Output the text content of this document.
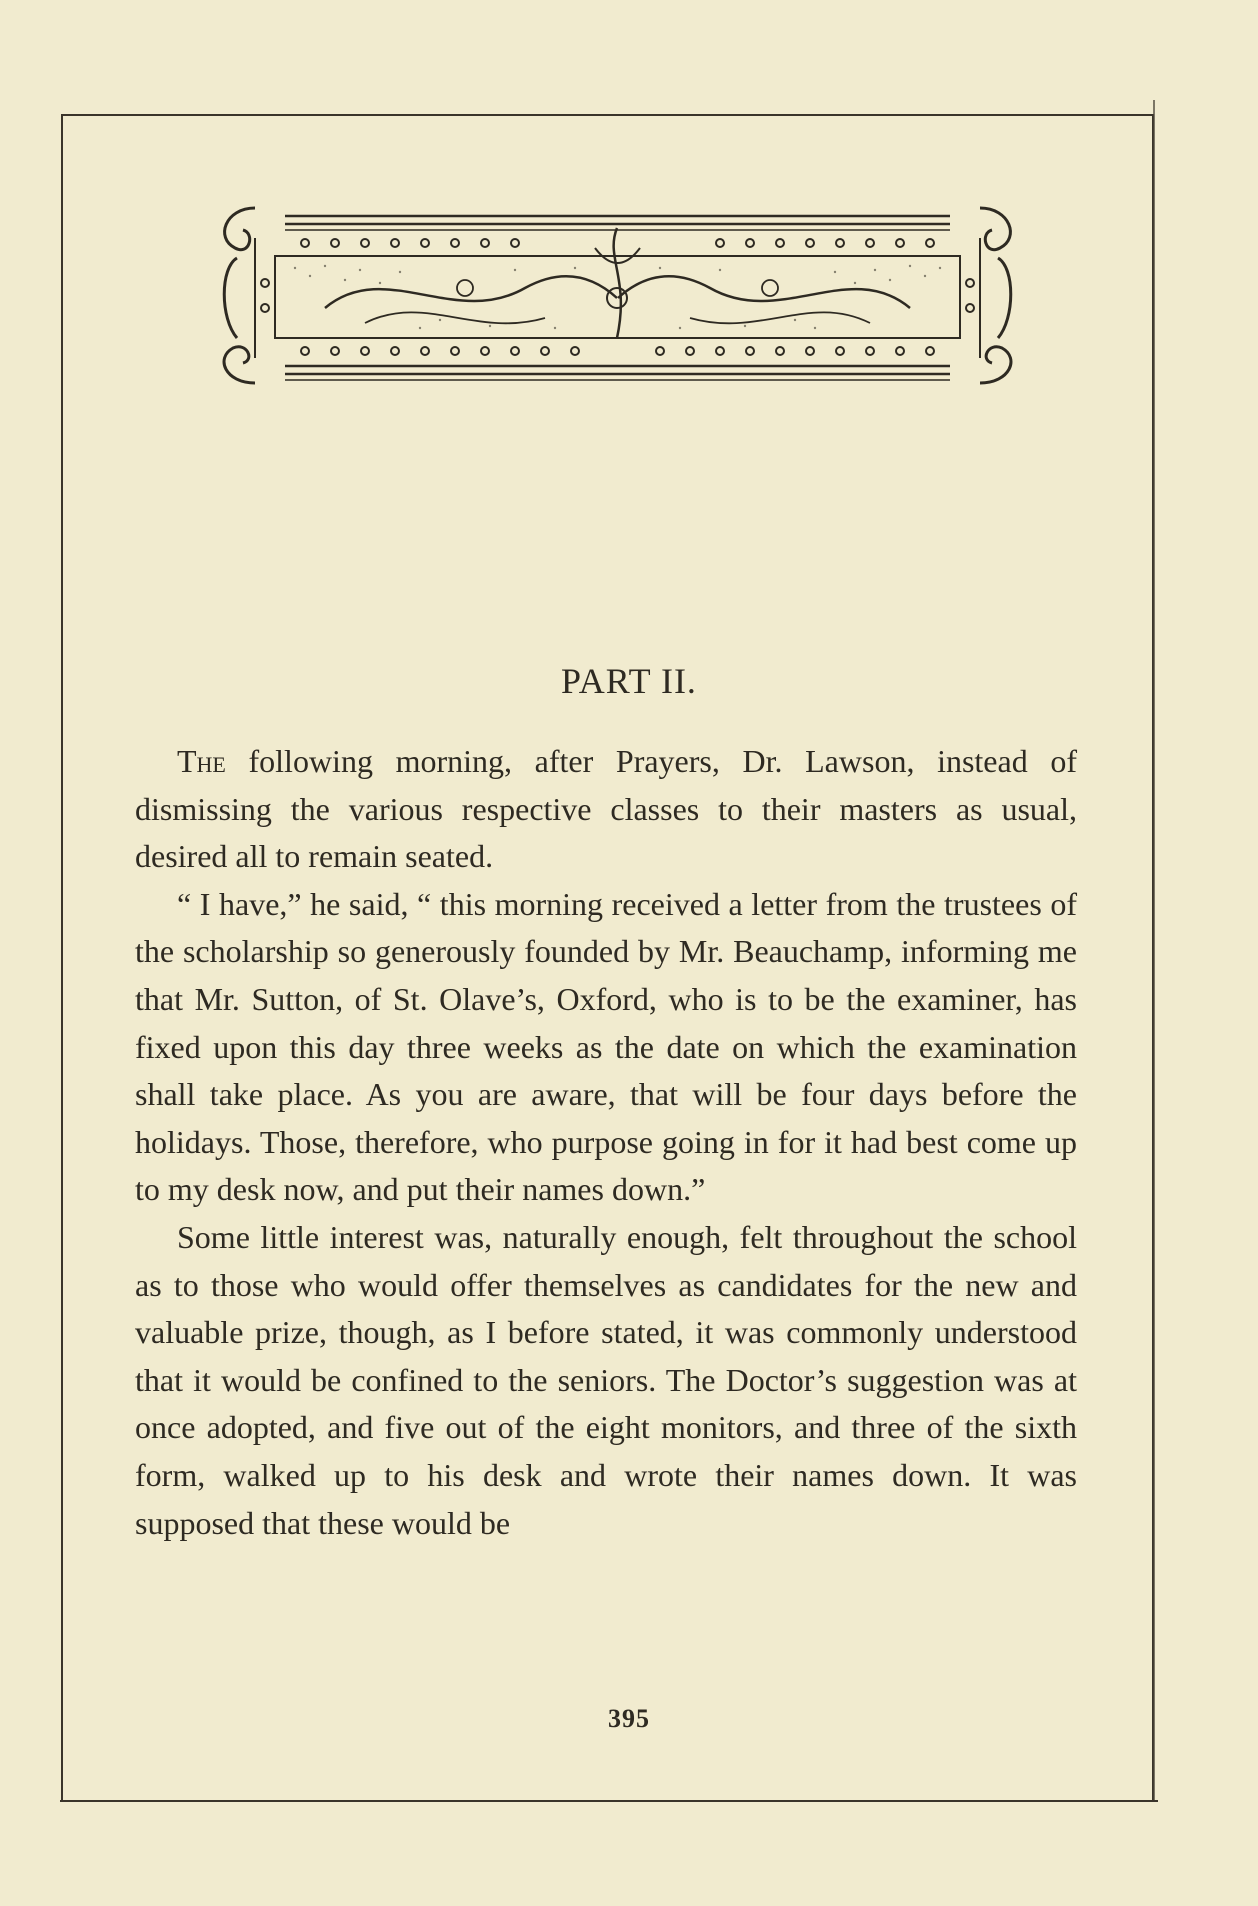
PART II.

The following morning, after Prayers, Dr. Lawson, instead of dismissing the various respective classes to their masters as usual, desired all to remain seated.

“ I have,” he said, “ this morning received a letter from the trustees of the scholarship so generously founded by Mr. Beauchamp, informing me that Mr. Sutton, of St. Olave’s, Oxford, who is to be the examiner, has fixed upon this day three weeks as the date on which the examination shall take place. As you are aware, that will be four days before the holidays. Those, therefore, who purpose going in for it had best come up to my desk now, and put their names down.”

Some little interest was, naturally enough, felt throughout the school as to those who would offer themselves as candidates for the new and valuable prize, though, as I before stated, it was commonly understood that it would be confined to the seniors. The Doctor’s suggestion was at once adopted, and five out of the eight monitors, and three of the sixth form, walked up to his desk and wrote their names down. It was supposed that these would be

395
